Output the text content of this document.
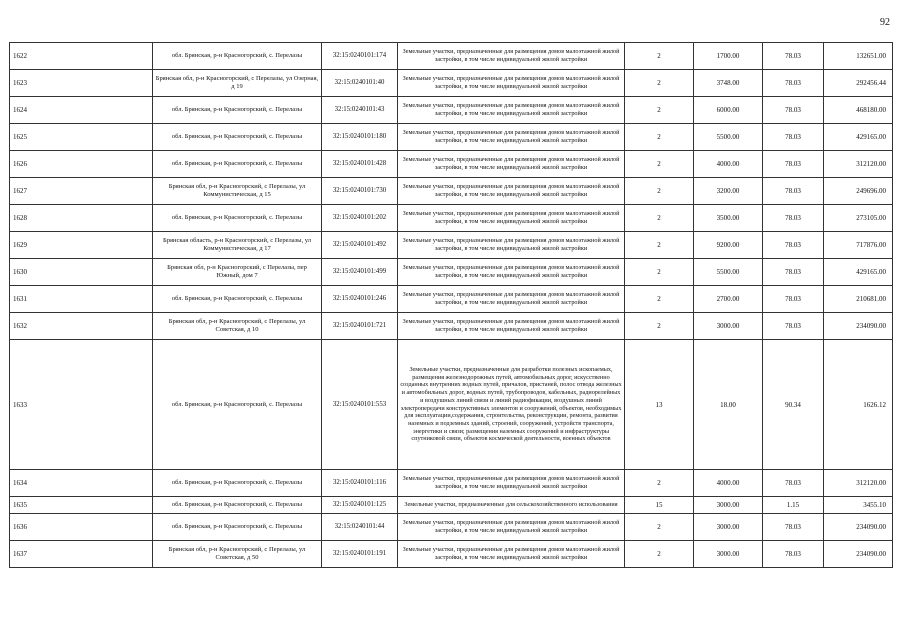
92
1622	обл. Брянская, р-н Красногорский, с. Перелазы	32:15:0240101:174	Земельные участки, предназначенные для размещения домов малоэтажной жилой застройки, в том числе индивидуальной жилой застройки	2	1700.00	78.03	132651.00
1623	Брянская обл, р-н Красногорский, с Перелазы, ул Озерная, д 19	32:15:0240101:40	Земельные участки, предназначенные для размещения домов малоэтажной жилой застройки, в том числе индивидуальной жилой застройки	2	3748.00	78.03	292456.44
1624	обл. Брянская, р-н Красногорский, с. Перелазы	32:15:0240101:43	Земельные участки, предназначенные для размещения домов малоэтажной жилой застройки, в том числе индивидуальной жилой застройки	2	6000.00	78.03	468180.00
1625	обл. Брянская, р-н Красногорский, с. Перелазы	32:15:0240101:180	Земельные участки, предназначенные для размещения домов малоэтажной жилой застройки, в том числе индивидуальной жилой застройки	2	5500.00	78.03	429165.00
1626	обл. Брянская, р-н Красногорский, с. Перелазы	32:15:0240101:428	Земельные участки, предназначенные для размещения домов малоэтажной жилой застройки, в том числе индивидуальной жилой застройки	2	4000.00	78.03	312120.00
1627	Брянская обл, р-н Красногорский, с Перелазы, ул Коммунистическая, д 15	32:15:0240101:730	Земельные участки, предназначенные для размещения домов малоэтажной жилой застройки, в том числе индивидуальной жилой застройки	2	3200.00	78.03	249696.00
1628	обл. Брянская, р-н Красногорский, с. Перелазы	32:15:0240101:202	Земельные участки, предназначенные для размещения домов малоэтажной жилой застройки, в том числе индивидуальной жилой застройки	2	3500.00	78.03	273105.00
1629	Брянская область, р-н Красногорский, с Перелазы, ул Коммунистическая, д 17	32:15:0240101:492	Земельные участки, предназначенные для размещения домов малоэтажной жилой застройки, в том числе индивидуальной жилой застройки	2	9200.00	78.03	717876.00
1630	Брянская обл, р-н Красногорский, с Перелазы, пер Южный, дом 7	32:15:0240101:499	Земельные участки, предназначенные для размещения домов малоэтажной жилой застройки, в том числе индивидуальной жилой застройки	2	5500.00	78.03	429165.00
1631	обл. Брянская, р-н Красногорский, с. Перелазы	32:15:0240101:246	Земельные участки, предназначенные для размещения домов малоэтажной жилой застройки, в том числе индивидуальной жилой застройки	2	2700.00	78.03	210681.00
1632	Брянская обл, р-н Красногорский, с Перелазы, ул Советская, д 10	32:15:0240101:721	Земельные участки, предназначенные для размещения домов малоэтажной жилой застройки, в том числе индивидуальной жилой застройки	2	3000.00	78.03	234090.00
1633	обл. Брянская, р-н Красногорский, с. Перелазы	32:15:0240101:553	Земельные участки, предназначенные для разработки полезных ископаемых, размещения железнодорожных путей, автомобильных дорог, искусственно созданных внутренних водных путей, причалов, пристаней, полос отвода железных и автомобильных дорог, водных путей, трубопроводов, кабельных, радиорелейных и воздушных линий связи и линий радиофикации, воздушных линий электропередачи конструктивных элементов и сооружений, объектов, необходимых для эксплуатации,содержания, строительства, реконструкции, ремонта, развития наземных и подземных зданий, строений, сооружений, устройств транспорта, энергетики и связи; размещения наземных сооружений и инфраструктуры спутниковой связи, объектов космической деятельности, военных объектов	13	18.00	90.34	1626.12
1634	обл. Брянская, р-н Красногорский, с. Перелазы	32:15:0240101:116	Земельные участки, предназначенные для размещения домов малоэтажной жилой застройки, в том числе индивидуальной жилой застройки	2	4000.00	78.03	312120.00
1635	обл. Брянская, р-н Красногорский, с. Перелазы	32:15:0240101:125	Земельные участки, предназначенные для сельскохозяйственного использования	15	3000.00	1.15	3455.10
1636	обл. Брянская, р-н Красногорский, с. Перелазы	32:15:0240101:44	Земельные участки, предназначенные для размещения домов малоэтажной жилой застройки, в том числе индивидуальной жилой застройки	2	3000.00	78.03	234090.00
1637	Брянская обл, р-н Красногорский, с Перелазы, ул Советская, д 50	32:15:0240101:191	Земельные участки, предназначенные для размещения домов малоэтажной жилой застройки, в том числе индивидуальной жилой застройки	2	3000.00	78.03	234090.00
